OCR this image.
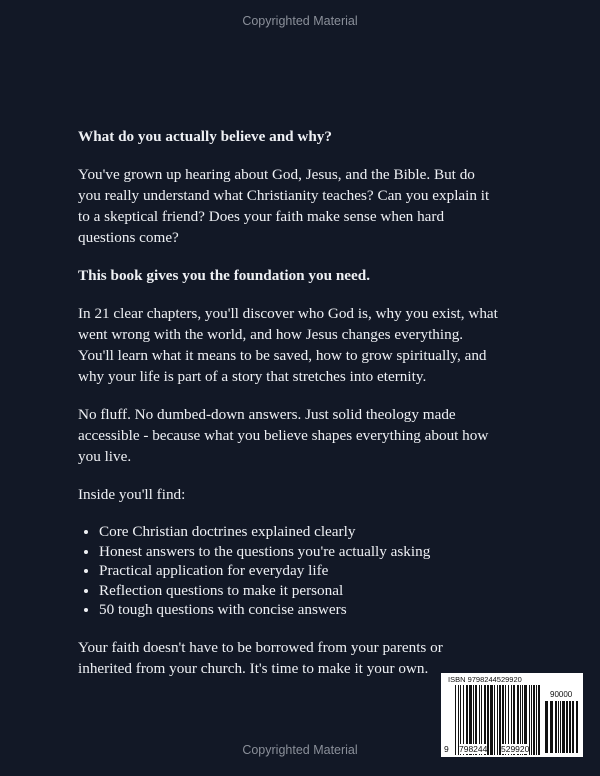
Copyrighted Material

What do you actually believe and why?

You've grown up hearing about God, Jesus, and the Bible. But do
you really understand what Christianity teaches? Can you explain it
to a skeptical friend? Does your faith make sense when hard
questions come?

This book gives you the foundation you need.

In 21 clear chapters, you'll discover who God is, why you exist, what
went wrong with the world, and how Jesus changes everything.
You'll learn what it means to be saved, how to grow spiritually, and
why your life is part of a story that stretches into eternity.

No fluff. No dumbed-down answers. Just solid theology made
accessible - because what you believe shapes everything about how
you live.

Inside you'll find:

• Core Christian doctrines explained clearly
• Honest answers to the questions you're actually asking
• Practical application for everyday life
• Reflection questions to make it personal
• 50 tough questions with concise answers

Your faith doesn't have to be borrowed from your parents or
inherited from your church. It's time to make it your own.

ISBN 9798244529920
90000
9 798244 529920
Copyrighted Material
